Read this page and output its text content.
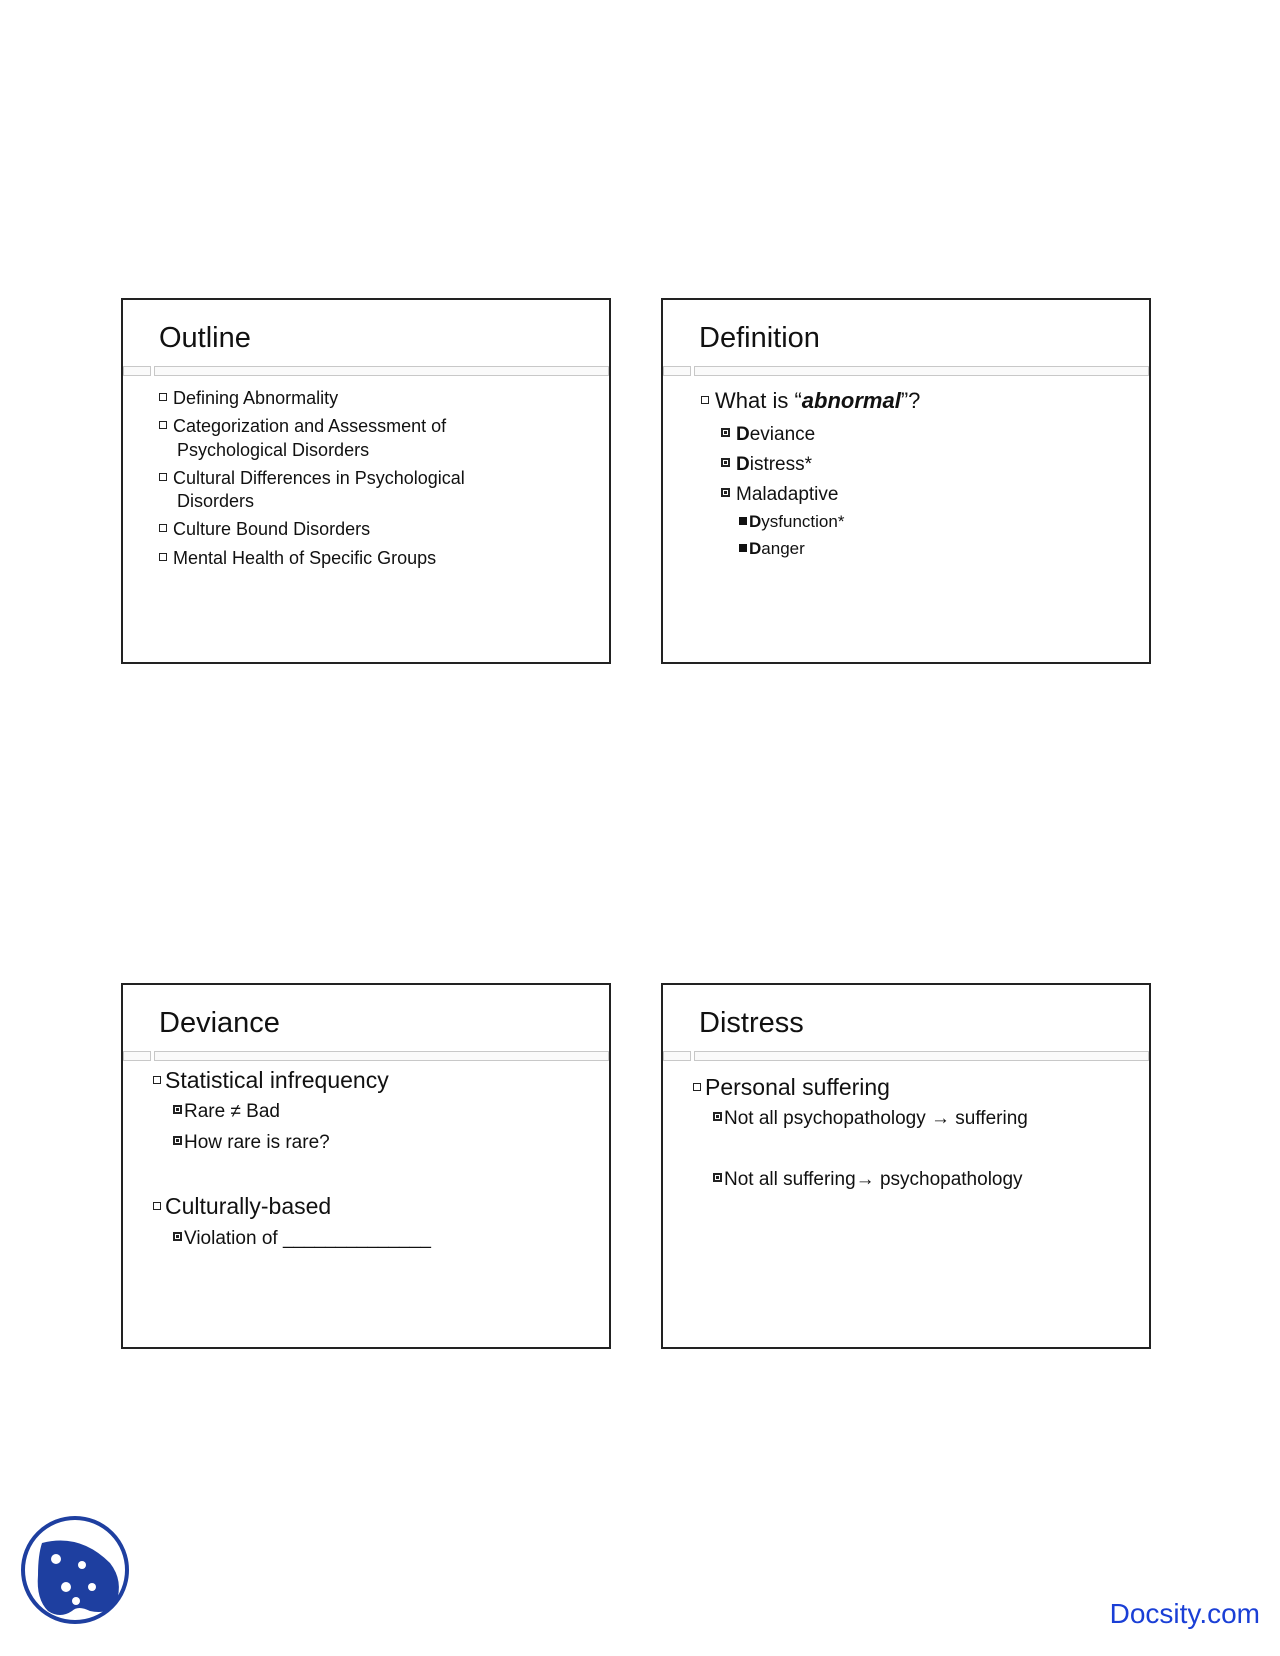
Outline
Defining Abnormality
Categorization and Assessment of
Psychological Disorders
Cultural Differences in Psychological
Disorders
Culture Bound Disorders
Mental Health of Specific Groups
Definition
What is “abnormal”?
Deviance
Distress*
Maladaptive
Dysfunction*
Danger
Deviance
Statistical infrequency
Rare ≠ Bad
How rare is rare?
Culturally-based
Violation of ______________
Distress
Personal suffering
Not all psychopathology → suffering
Not all suffering→ psychopathology
Docsity.com
